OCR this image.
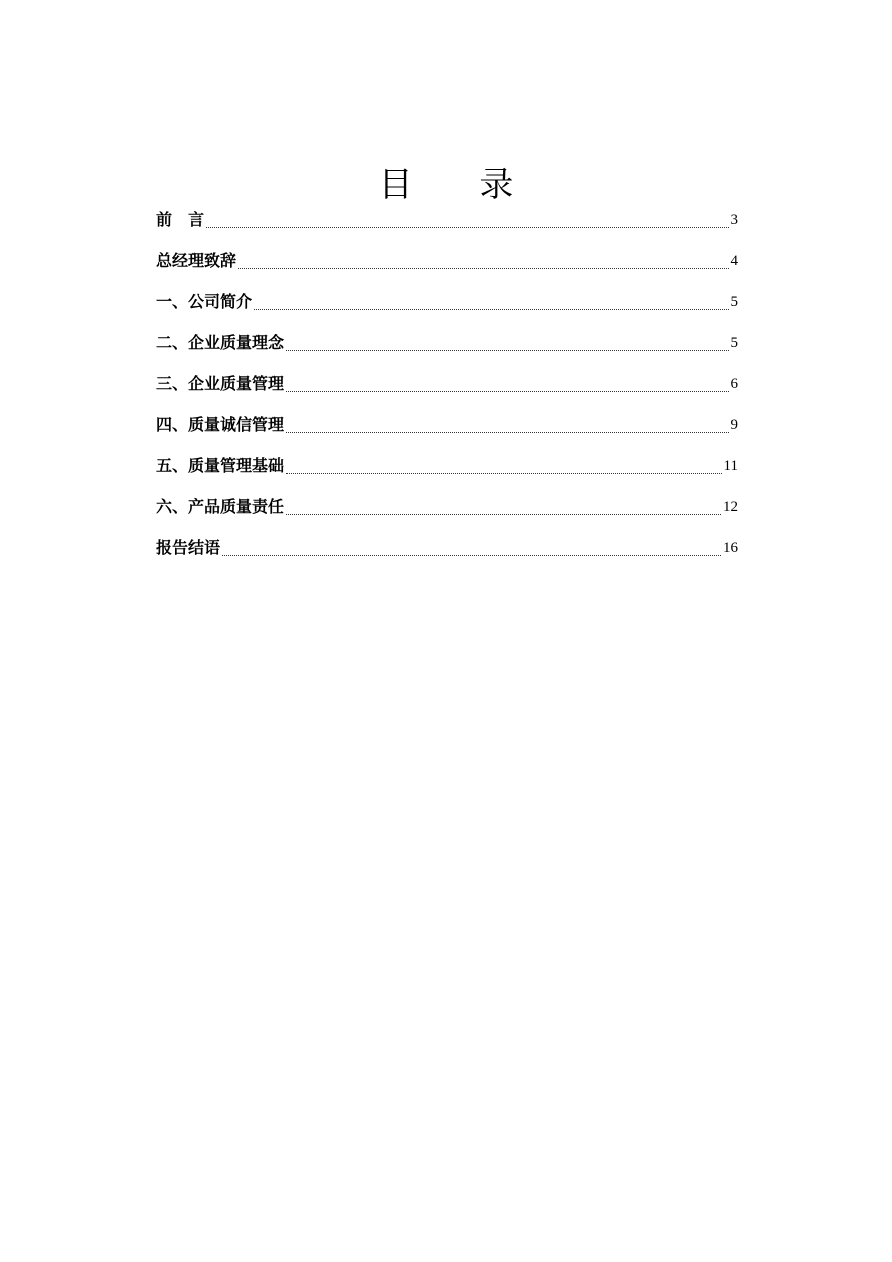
目 录
前　言	3
总经理致辞	4
一、公司简介	5
二、企业质量理念	5
三、企业质量管理	6
四、质量诚信管理	9
五、质量管理基础	11
六、产品质量责任	12
报告结语	16
